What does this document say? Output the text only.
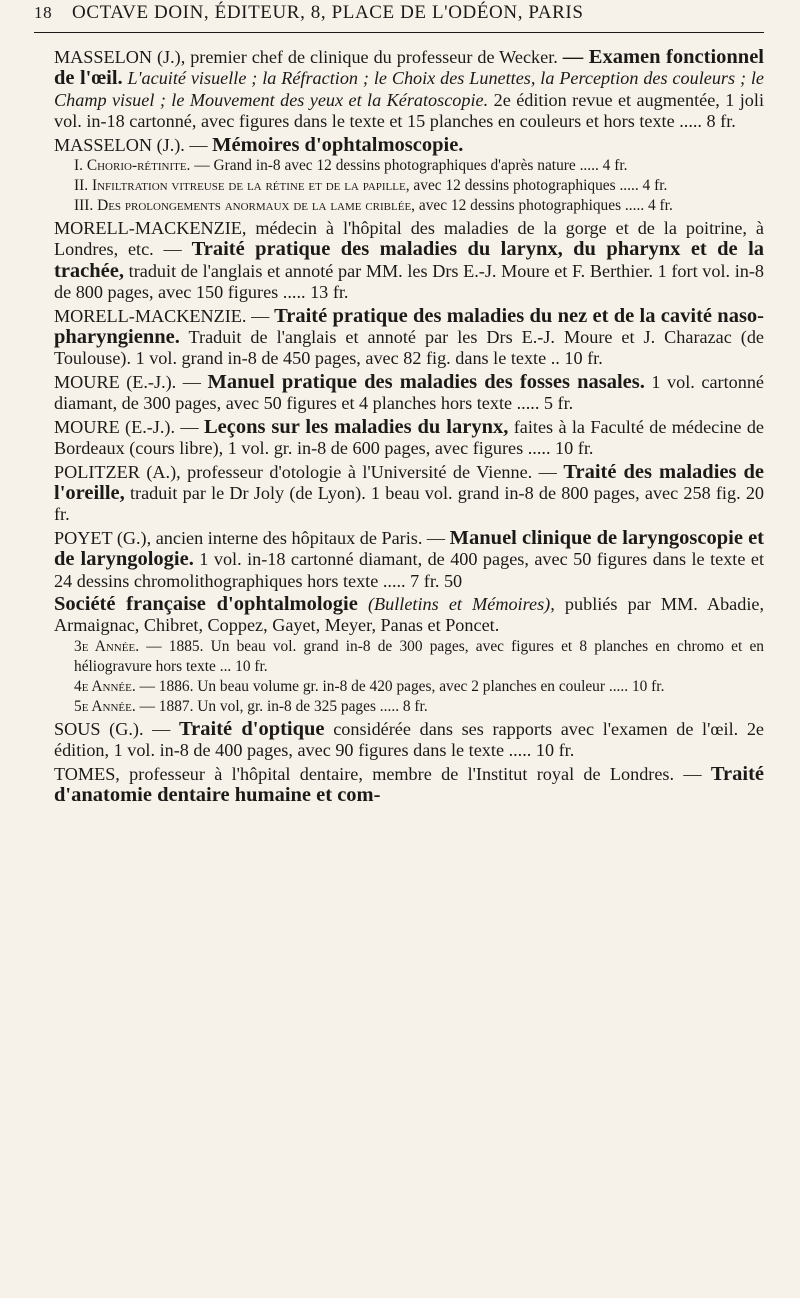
18	OCTAVE DOIN, ÉDITEUR, 8, PLACE DE L'ODÉON, PARIS

MASSELON (J.), premier chef de clinique du professeur de Wecker. — Examen fonctionnel de l'œil. L'acuité visuelle ; la Réfraction ; le Choix des Lunettes, la Perception des couleurs ; le Champ visuel ; le Mouvement des yeux et la Kératoscopie. 2e édition revue et augmentée, 1 joli vol. in-18 cartonné, avec figures dans le texte et 15 planches en couleurs et hors texte ..... 8 fr.

MASSELON (J.). — Mémoires d'ophtalmoscopie.

I. Chorio-rétinite. — Grand in-8 avec 12 dessins photographiques d'après nature ..... 4 fr.

II. Infiltration vitreuse de la rétine et de la papille, avec 12 dessins photographiques ..... 4 fr.

III. Des prolongements anormaux de la lame criblée, avec 12 dessins photographiques ..... 4 fr.

MORELL-MACKENZIE, médecin à l'hôpital des maladies de la gorge et de la poitrine, à Londres, etc. — Traité pratique des maladies du larynx, du pharynx et de la trachée, traduit de l'anglais et annoté par MM. les Drs E.-J. Moure et F. Berthier. 1 fort vol. in-8 de 800 pages, avec 150 figures ..... 13 fr.

MORELL-MACKENZIE. — Traité pratique des maladies du nez et de la cavité naso-pharyngienne. Traduit de l'anglais et annoté par les Drs E.-J. Moure et J. Charazac (de Toulouse). 1 vol. grand in-8 de 450 pages, avec 82 fig. dans le texte .. 10 fr.

MOURE (E.-J.). — Manuel pratique des maladies des fosses nasales. 1 vol. cartonné diamant, de 300 pages, avec 50 figures et 4 planches hors texte ..... 5 fr.

MOURE (E.-J.). — Leçons sur les maladies du larynx, faites à la Faculté de médecine de Bordeaux (cours libre), 1 vol. gr. in-8 de 600 pages, avec figures ..... 10 fr.

POLITZER (A.), professeur d'otologie à l'Université de Vienne. — Traité des maladies de l'oreille, traduit par le Dr Joly (de Lyon). 1 beau vol. grand in-8 de 800 pages, avec 258 fig. 20 fr.

POYET (G.), ancien interne des hôpitaux de Paris. — Manuel clinique de laryngoscopie et de laryngologie. 1 vol. in-18 cartonné diamant, de 400 pages, avec 50 figures dans le texte et 24 dessins chromolithographiques hors texte ..... 7 fr. 50

Société française d'ophtalmologie (Bulletins et Mémoires), publiés par MM. Abadie, Armaignac, Chibret, Coppez, Gayet, Meyer, Panas et Poncet.

3e Année. — 1885. Un beau vol. grand in-8 de 300 pages, avec figures et 8 planches en chromo et en héliogravure hors texte ... 10 fr.

4e Année. — 1886. Un beau volume gr. in-8 de 420 pages, avec 2 planches en couleur ..... 10 fr.

5e Année. — 1887. Un vol, gr. in-8 de 325 pages ..... 8 fr.

SOUS (G.). — Traité d'optique considérée dans ses rapports avec l'examen de l'œil. 2e édition, 1 vol. in-8 de 400 pages, avec 90 figures dans le texte ..... 10 fr.

TOMES, professeur à l'hôpital dentaire, membre de l'Institut royal de Londres. — Traité d'anatomie dentaire humaine et com-
